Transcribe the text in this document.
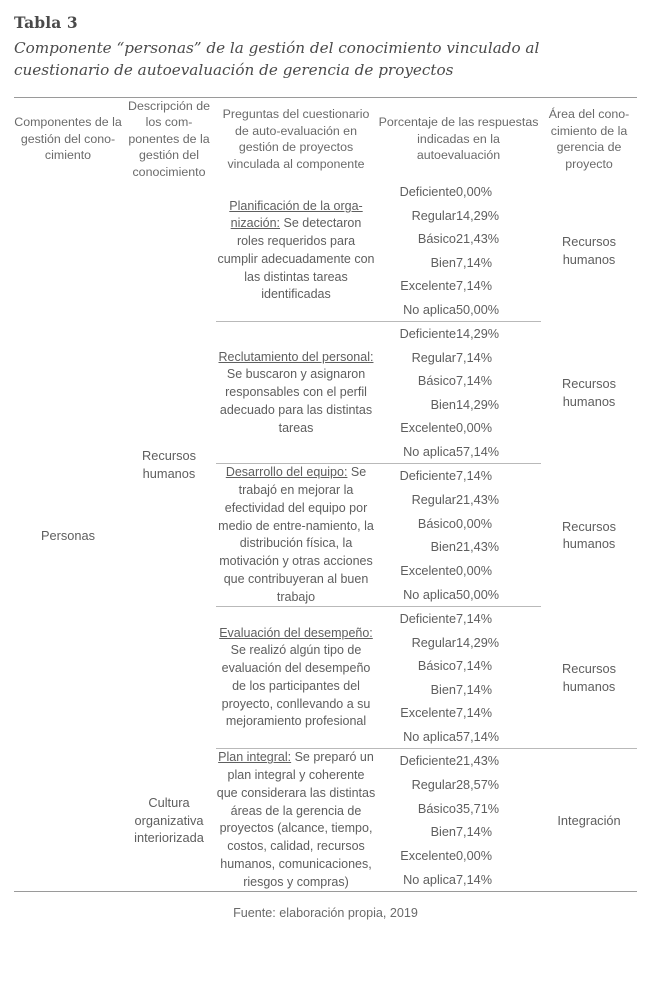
Tabla 3
Componente “personas” de la gestión del conocimiento vinculado al cuestionario de autoevaluación de gerencia de proyectos
Componentes de la gestión del cono-cimiento	Descripción de los com-ponentes de la gestión del conocimiento	Preguntas del cuestionario de auto-evaluación en gestión de proyectos vinculada al componente	Porcentaje de las respuestas indicadas en la autoevaluación		Área del cono-cimiento de la gerencia de proyecto
Personas	Recursos humanos	Planificación de la orga-nización: Se detectaron roles requeridos para cumplir adecuadamente con las distintas tareas identificadas	Deficiente	0,00%	Recursos humanos
			Regular	14,29%	
			Básico	21,43%	
			Bien	7,14%	
			Excelente	7,14%	
			No aplica	50,00%	

		Reclutamiento del personal: Se buscaron y asignaron responsables con el perfil adecuado para las distintas tareas	Deficiente	14,29%	Recursos humanos
			Regular	7,14%	
			Básico	7,14%	
			Bien	14,29%	
			Excelente	0,00%	
			No aplica	57,14%	

		Desarrollo del equipo: Se trabajó en mejorar la efectividad del equipo por medio de entre-namiento, la distribución física, la motivación y otras acciones que contribuyeran al buen trabajo	Deficiente	7,14%	Recursos humanos
			Regular	21,43%	
			Básico	0,00%	
			Bien	21,43%	
			Excelente	0,00%	
			No aplica	50,00%	

		Evaluación del desempeño: Se realizó algún tipo de evaluación del desempeño de los participantes del proyecto, conllevando a su mejoramiento profesional	Deficiente	7,14%	Recursos humanos
			Regular	14,29%	
			Básico	7,14%	
			Bien	7,14%	
			Excelente	7,14%	
			No aplica	57,14%	

	Cultura organizativa interiorizada	Plan integral: Se preparó un plan integral y coherente que considerara las distintas áreas de la gerencia de proyectos (alcance, tiempo, costos, calidad, recursos humanos, comunicaciones, riesgos y compras)	Deficiente	21,43%	Integración
			Regular	28,57%	
			Básico	35,71%	
			Bien	7,14%	
			Excelente	0,00%	
			No aplica	7,14%	
Fuente: elaboración propia, 2019
